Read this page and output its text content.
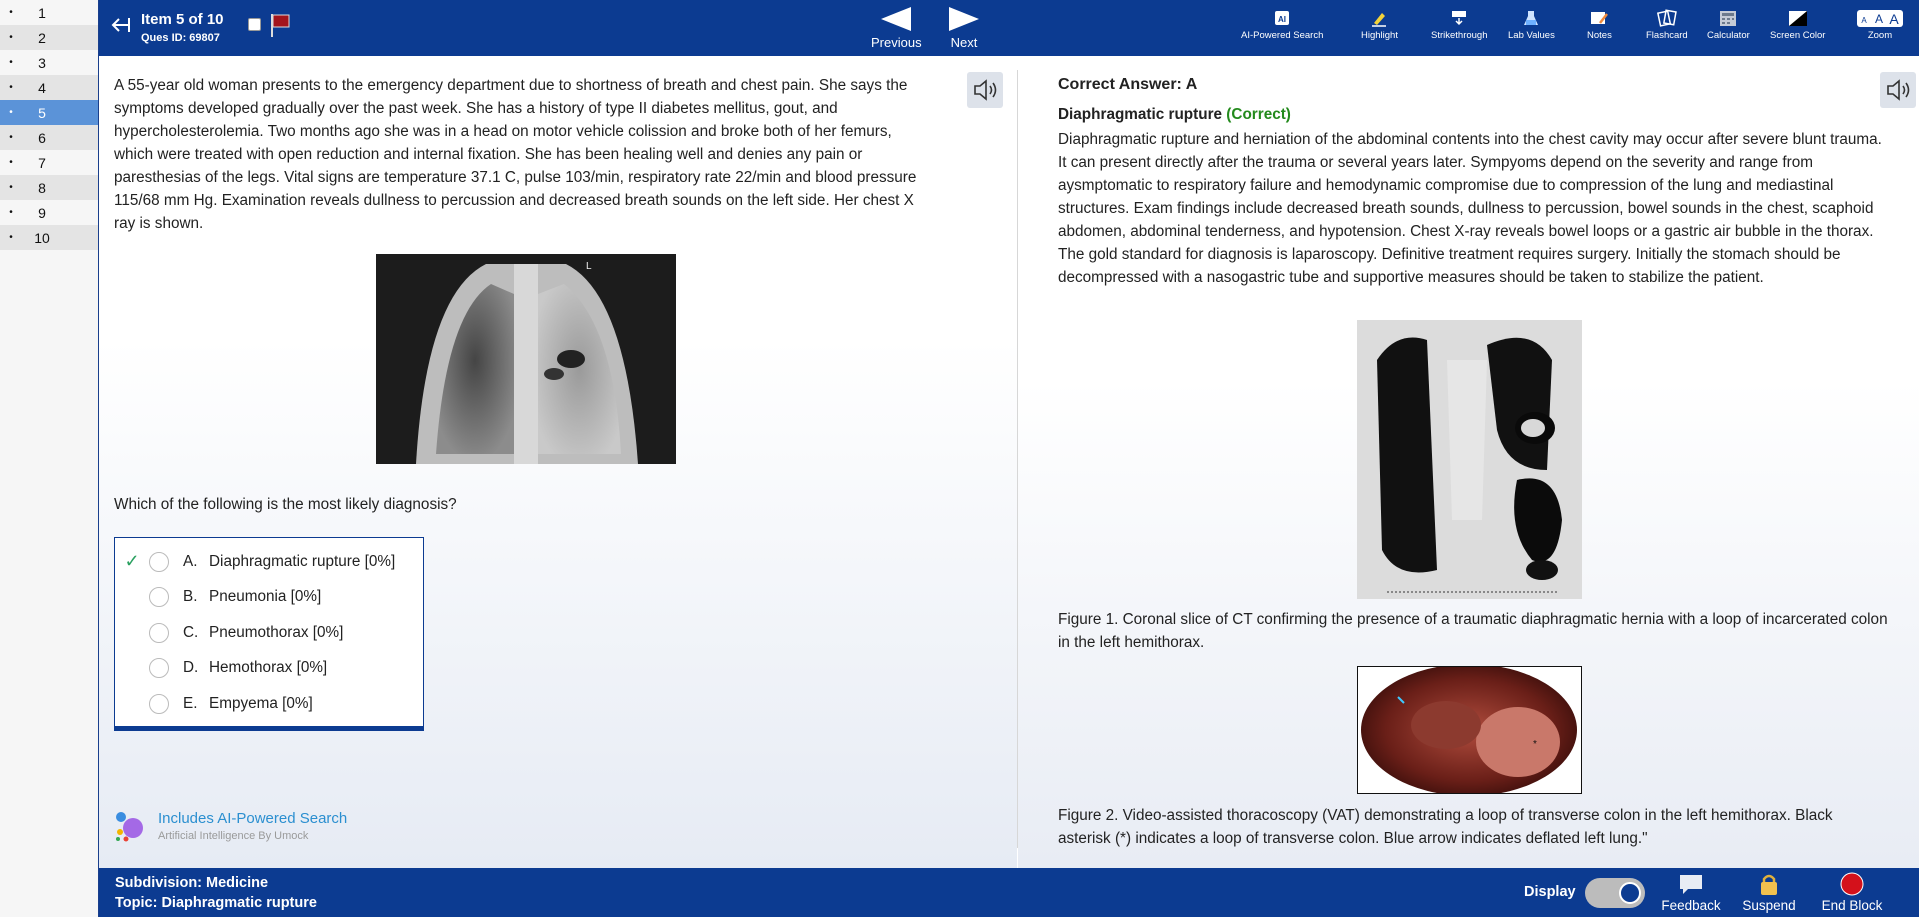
•	1
•	2
•	3
•	4
•	5
•	6
•	7
•	8
•	9
•	10
Item 5 of 10
Ques ID: 69807	Previous	Next
AI
AI-Powered Search	Highlight	Strikethrough Lab Values	Notes	Flashcard Calculator Screen Color
A A A
Zoom
A 55-year old woman presents to the emergency department due to shortness of breath and chest pain. She says the symptoms developed gradually over the past week. She has a history of type II diabetes mellitus, gout, and hypercholesterolemia. Two months ago she was in a head on motor vehicle colission and broke both of her femurs, which were treated with open reduction and internal fixation. She has been healing well and denies any pain or paresthesias of the legs. Vital signs are temperature 37.1 C, pulse 103/min, respiratory rate 22/min and blood pressure 115/68 mm Hg. Examination reveals dullness to percussion and decreased breath sounds on the left side. Her chest X ray is shown.
L
Which of the following is the most likely diagnosis?
✓	A. Diaphragmatic rupture [0%]
B. Pneumonia [0%]
C. Pneumothorax [0%]
D. Hemothorax [0%]
E. Empyema [0%]
Includes AI-Powered Search
Artificial Intelligence By Umock
Correct Answer: A
Diaphragmatic rupture (Correct)
Diaphragmatic rupture and herniation of the abdominal contents into the chest cavity may occur after severe blunt trauma. It can present directly after the trauma or several years later. Sympyoms depend on the severity and range from aysmptomatic to respiratory failure and hemodynamic compromise due to compression of the lung and mediastinal structures. Exam findings include decreased breath sounds, dullness to percussion, bowel sounds in the chest, scaphoid abdomen, abdominal tenderness, and hypotension. Chest X-ray reveals bowel loops or a gastric air bubble in the thorax. The gold standard for diagnosis is laparoscopy. Definitive treatment requires surgery. Initially the stomach should be decompressed with a nasogastric tube and supportive measures should be taken to stabilize the patient.
Figure 1. Coronal slice of CT confirming the presence of a traumatic diaphragmatic hernia with a loop of incarcerated colon in the left hemithorax.
*
Figure 2. Video-assisted thoracoscopy (VAT) demonstrating a loop of transverse colon in the left hemithorax. Black asterisk (*) indicates a loop of transverse colon. Blue arrow indicates deflated left lung."
Subdivision: Medicine
Topic: Diaphragmatic rupture
Display
Feedback Suspend	End Block
